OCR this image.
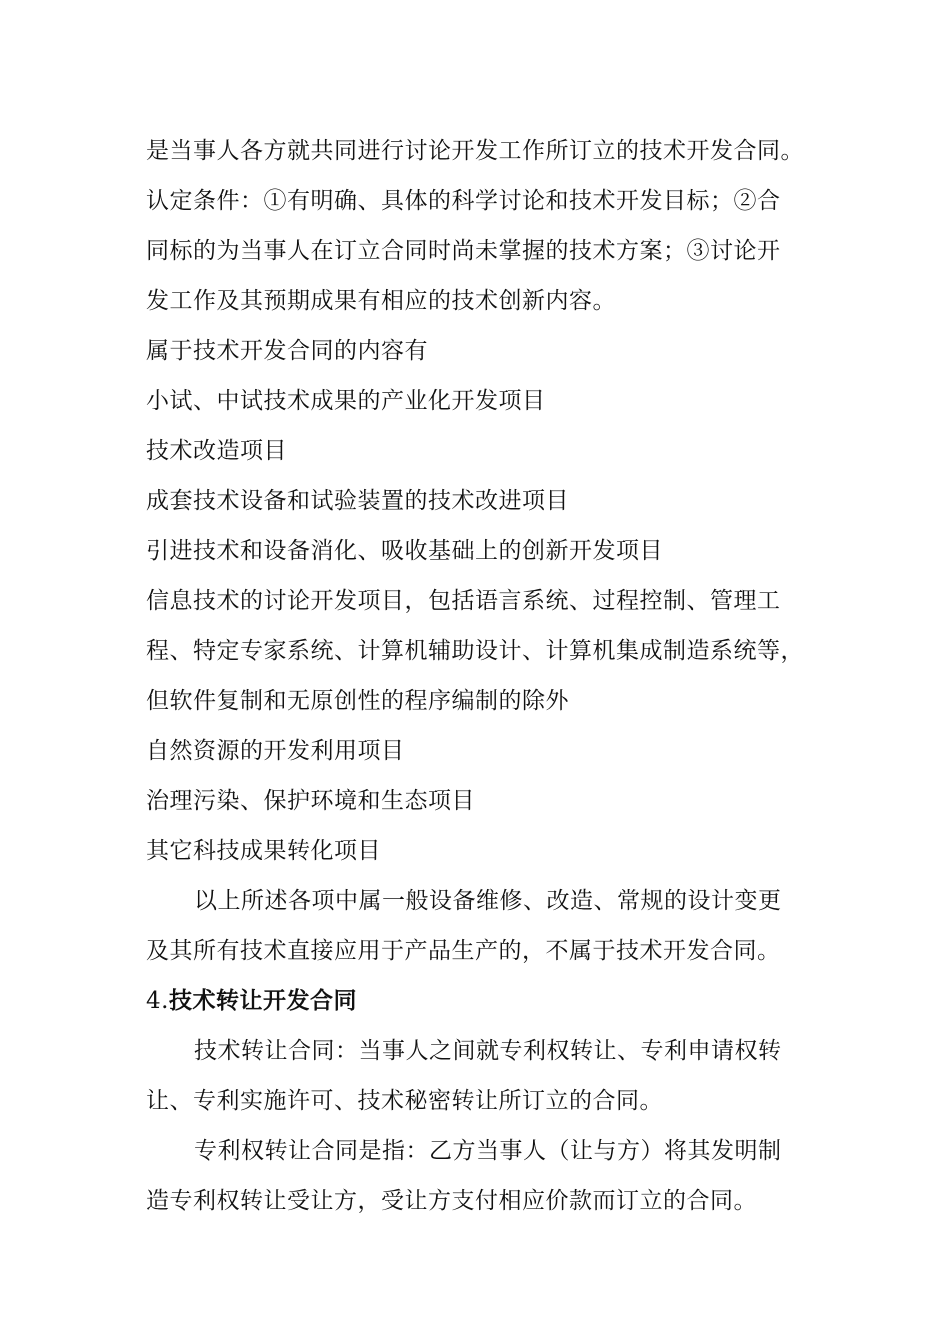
是当事人各方就共同进行讨论开发工作所订立的技术开发合同。
认定条件：①有明确、具体的科学讨论和技术开发目标；②合
同标的为当事人在订立合同时尚未掌握的技术方案；③讨论开
发工作及其预期成果有相应的技术创新内容。
属于技术开发合同的内容有
小试、中试技术成果的产业化开发项目
技术改造项目
成套技术设备和试验装置的技术改进项目
引进技术和设备消化、吸收基础上的创新开发项目
信息技术的讨论开发项目，包括语言系统、过程控制、管理工
程、特定专家系统、计算机辅助设计、计算机集成制造系统等，
但软件复制和无原创性的程序编制的除外
自然资源的开发利用项目
治理污染、保护环境和生态项目
其它科技成果转化项目
以上所述各项中属一般设备维修、改造、常规的设计变更
及其所有技术直接应用于产品生产的，不属于技术开发合同。
4.技术转让开发合同
技术转让合同：当事人之间就专利权转让、专利申请权转
让、专利实施许可、技术秘密转让所订立的合同。
专利权转让合同是指：乙方当事人（让与方）将其发明制
造专利权转让受让方，受让方支付相应价款而订立的合同。
